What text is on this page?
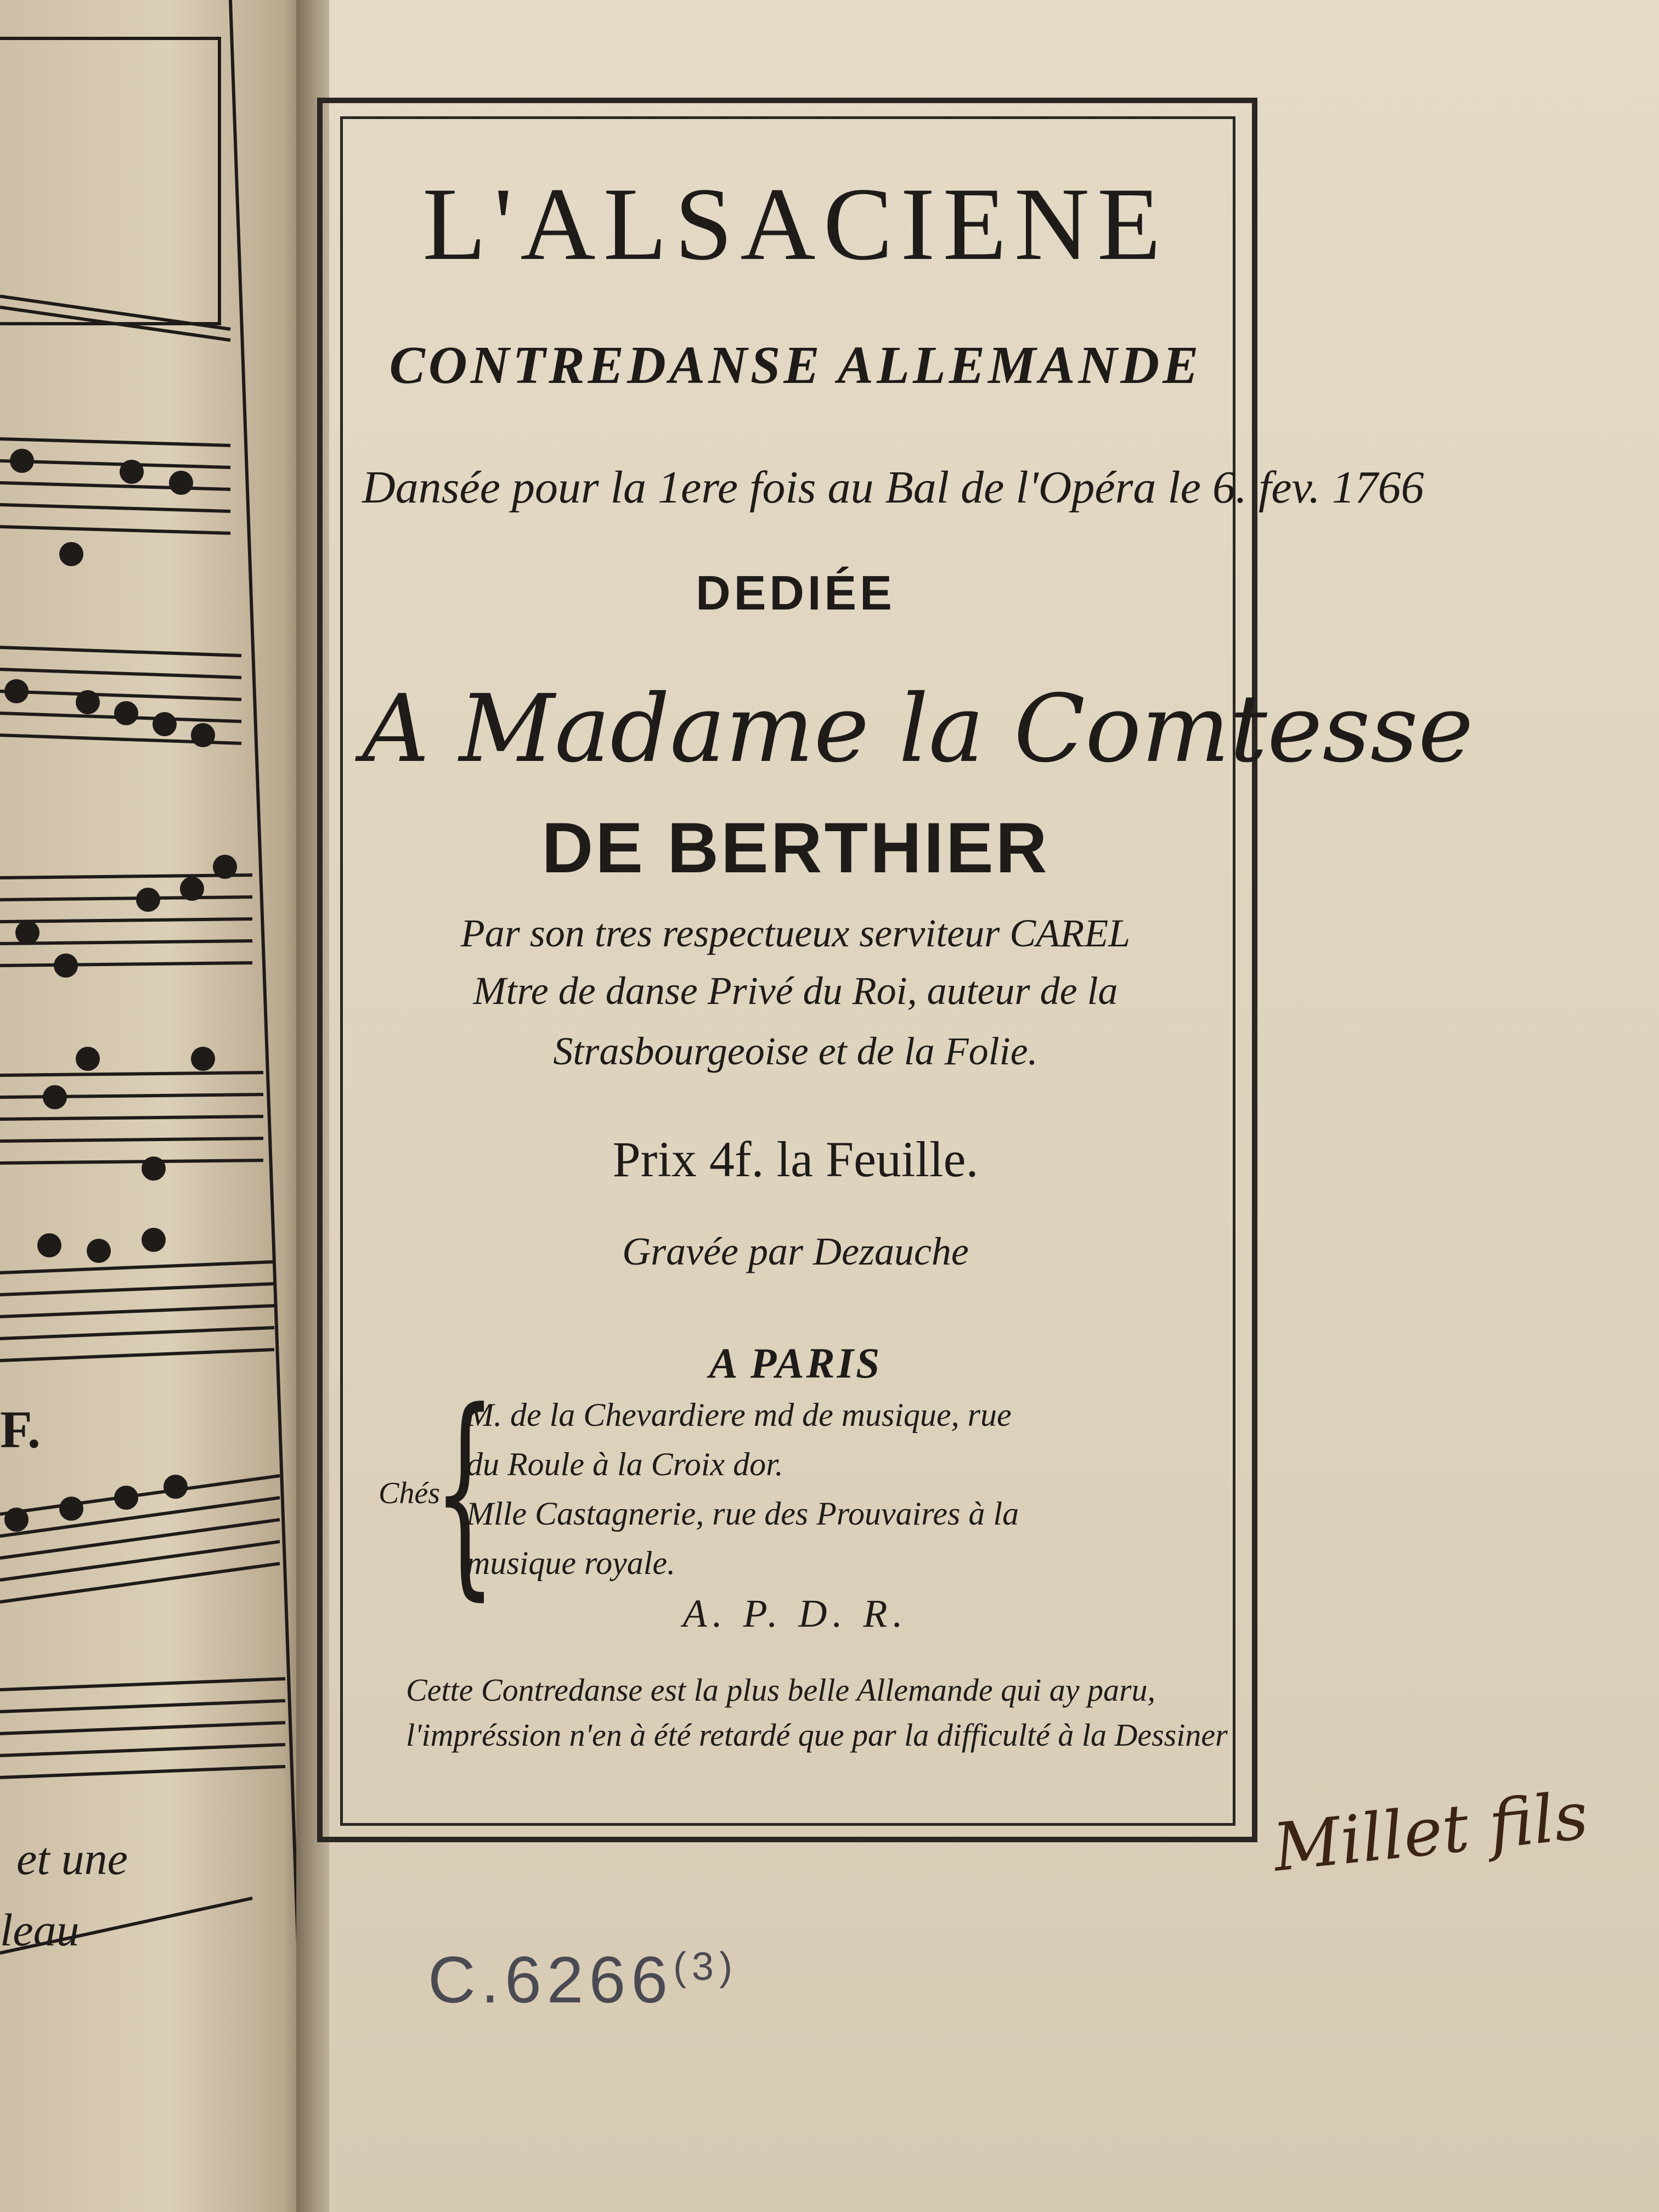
F.
et une
leau
L'ALSACIENE
CONTREDANSE ALLEMANDE
Dansée pour la 1ere fois au Bal de l'Opéra le 6. fev. 1766
DEDIÉE
A Madame la Comtesse
DE BERTHIER
Par son tres respectueux serviteur CAREL
Mtre de danse Privé du Roi, auteur de la
Strasbourgeoise et de la Folie.
Prix 4f. la Feuille.
Gravée par Dezauche
A PARIS
Chés
{
M. de la Chevardiere md de musique, rue
du Roule à la Croix dor.
Mlle Castagnerie, rue des Prouvaires à la
musique royale.
A. P. D. R.
Cette Contredanse est la plus belle Allemande qui ay paru, l'impréssion n'en à été retardé que par la difficulté à la Dessiner
Millet fils
C.6266$^{(3)}$
